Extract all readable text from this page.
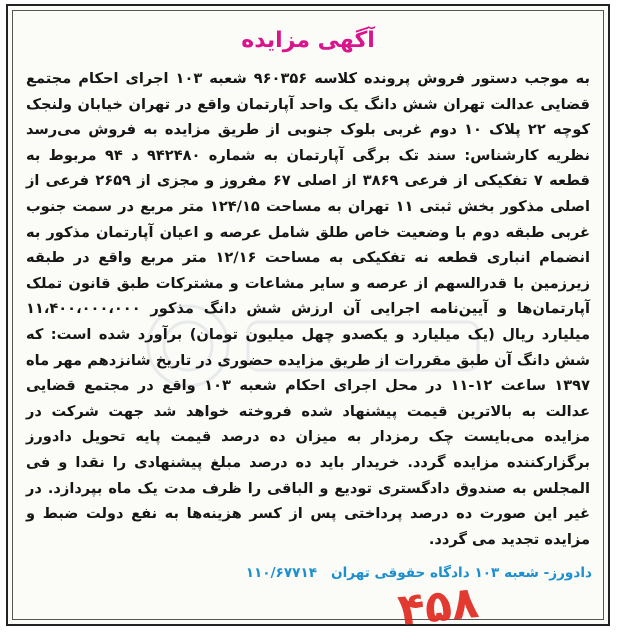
آگهی مزایده
به موجب دستور فروش پرونده کلاسه ۹۶۰۳۵۶ شعبه ۱۰۳ اجرای احکام مجتمع قضایی عدالت تهران شش دانگ یک واحد آپارتمان واقع در تهران خیابان ولنجک کوچه ۲۲ پلاک ۱۰ دوم غربی بلوک جنوبی از طریق مزایده به فروش می‌رسد نظریه کارشناس: سند تک برگی آپارتمان به شماره ۹۴۲۴۸۰ د ۹۴ مربوط به قطعه ۷ تفکیکی از فرعی ۳۸۶۹ از اصلی ۶۷ مفروز و مجزی از ۲۶۵۹ فرعی از اصلی مذکور بخش ثبتی ۱۱ تهران به مساحت ۱۲۴/۱۵ متر مربع در سمت جنوب غربی طبقه دوم با وضعیت خاص طلق شامل عرصه و اعیان آپارتمان مذکور به انضمام انباری قطعه نه تفکیکی به مساحت ۱۲/۱۶ متر مربع واقع در طبقه زیرزمین با قدرالسهم از عرصه و سایر مشاعات و مشترکات طبق قانون تملک آپارتمان‌ها و آیین‌نامه اجرایی آن ارزش شش دانگ مذکور ۱۱،۴۰۰،۰۰۰،۰۰۰ میلیارد ریال (یک میلیارد و یکصدو چهل میلیون تومان) برآورد شده است: که شش دانگ آن طبق مقررات از طریق مزایده حضوری در تاریخ شانزدهم مهر ماه ۱۳۹۷ ساعت ۱۲-۱۱ در محل اجرای احکام شعبه ۱۰۳ واقع در مجتمع قضایی عدالت به بالاترین قیمت پیشنهاد شده فروخته خواهد شد جهت شرکت در مزایده می‌بایست چک رمزدار به میزان ده درصد قیمت پایه تحویل دادورز برگزارکننده مزایده گردد. خریدار باید ده درصد مبلغ پیشنهادی را نقدا و فی المجلس به صندوق دادگستری تودیع و الباقی را ظرف مدت یک ماه بپردازد. در غیر این صورت ده درصد پرداختی پس از کسر هزینه‌ها به نفع دولت ضبط و مزایده تجدید می گردد.
دادورز- شعبه ۱۰۳ دادگاه حقوقی تهران
۱۱۰/۶۷۷۱۴
۴۵۸
